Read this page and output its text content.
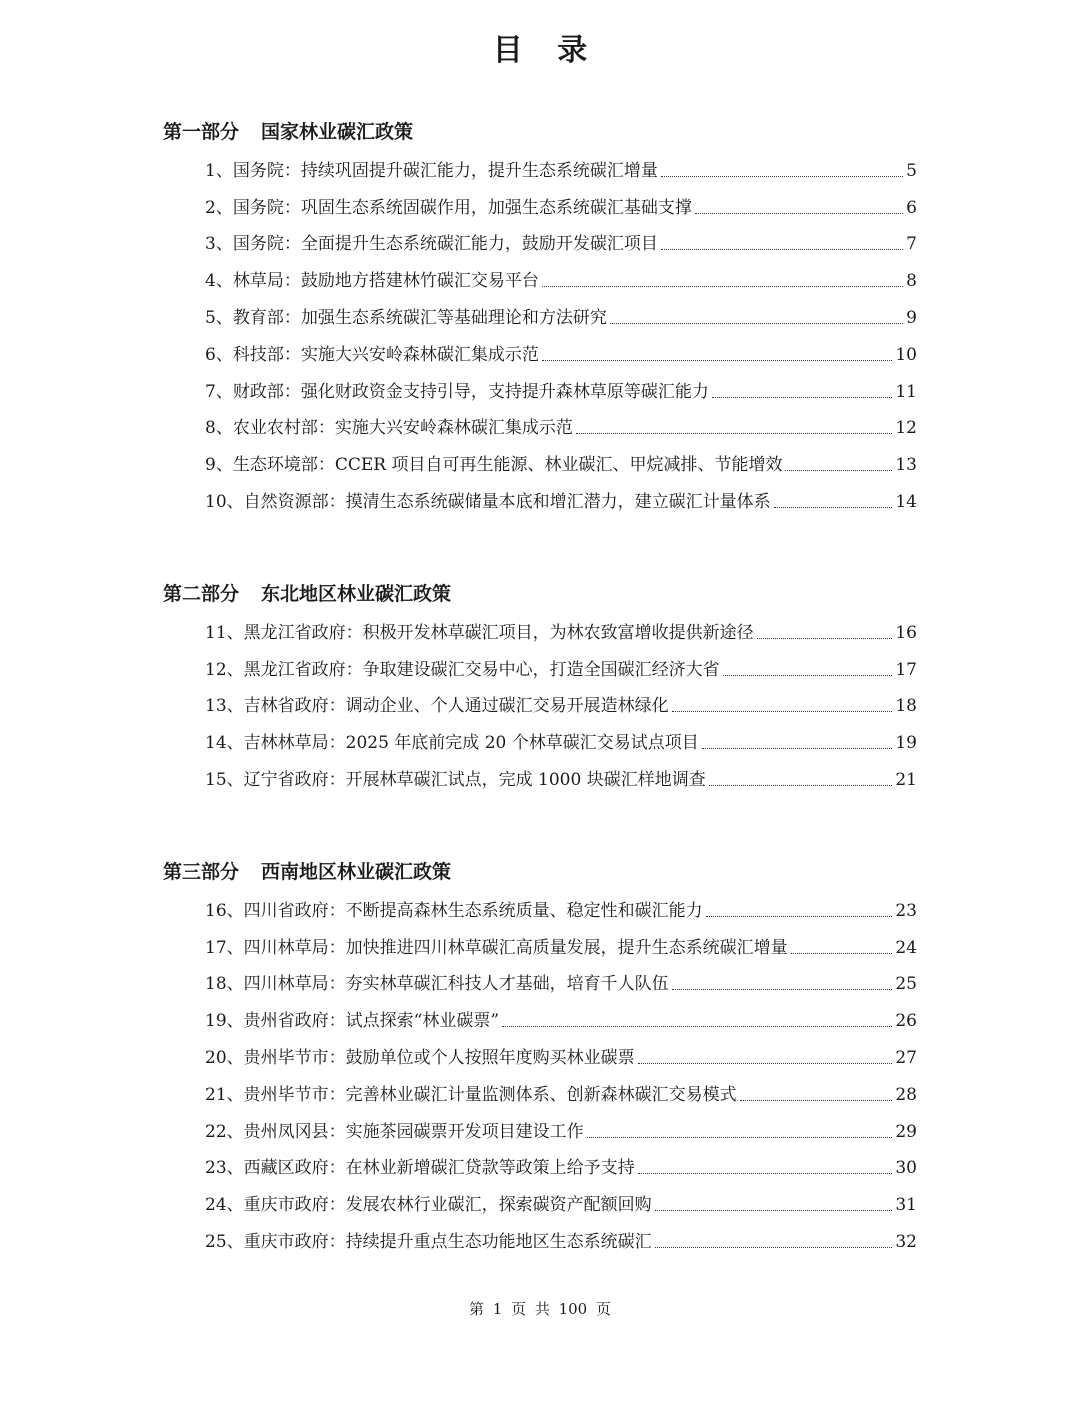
目 录
第一部分 国家林业碳汇政策
1、国务院：持续巩固提升碳汇能力，提升生态系统碳汇增量	5
2、国务院：巩固生态系统固碳作用，加强生态系统碳汇基础支撑	6
3、国务院：全面提升生态系统碳汇能力，鼓励开发碳汇项目	7
4、林草局：鼓励地方搭建林竹碳汇交易平台	8
5、教育部：加强生态系统碳汇等基础理论和方法研究	9
6、科技部：实施大兴安岭森林碳汇集成示范	10
7、财政部：强化财政资金支持引导，支持提升森林草原等碳汇能力	11
8、农业农村部：实施大兴安岭森林碳汇集成示范	12
9、生态环境部：CCER 项目自可再生能源、林业碳汇、甲烷减排、节能增效	13
10、自然资源部：摸清生态系统碳储量本底和增汇潜力，建立碳汇计量体系	14
第二部分 东北地区林业碳汇政策
11、黑龙江省政府：积极开发林草碳汇项目，为林农致富增收提供新途径	16
12、黑龙江省政府：争取建设碳汇交易中心，打造全国碳汇经济大省	17
13、吉林省政府：调动企业、个人通过碳汇交易开展造林绿化	18
14、吉林林草局：2025 年底前完成 20 个林草碳汇交易试点项目	19
15、辽宁省政府：开展林草碳汇试点，完成 1000 块碳汇样地调查	21
第三部分 西南地区林业碳汇政策
16、四川省政府：不断提高森林生态系统质量、稳定性和碳汇能力	23
17、四川林草局：加快推进四川林草碳汇高质量发展，提升生态系统碳汇增量	24
18、四川林草局：夯实林草碳汇科技人才基础，培育千人队伍	25
19、贵州省政府：试点探索“林业碳票”	26
20、贵州毕节市：鼓励单位或个人按照年度购买林业碳票	27
21、贵州毕节市：完善林业碳汇计量监测体系、创新森林碳汇交易模式	28
22、贵州凤冈县：实施茶园碳票开发项目建设工作	29
23、西藏区政府：在林业新增碳汇贷款等政策上给予支持	30
24、重庆市政府：发展农林行业碳汇，探索碳资产配额回购	31
25、重庆市政府：持续提升重点生态功能地区生态系统碳汇	32
第 1 页 共 100 页
